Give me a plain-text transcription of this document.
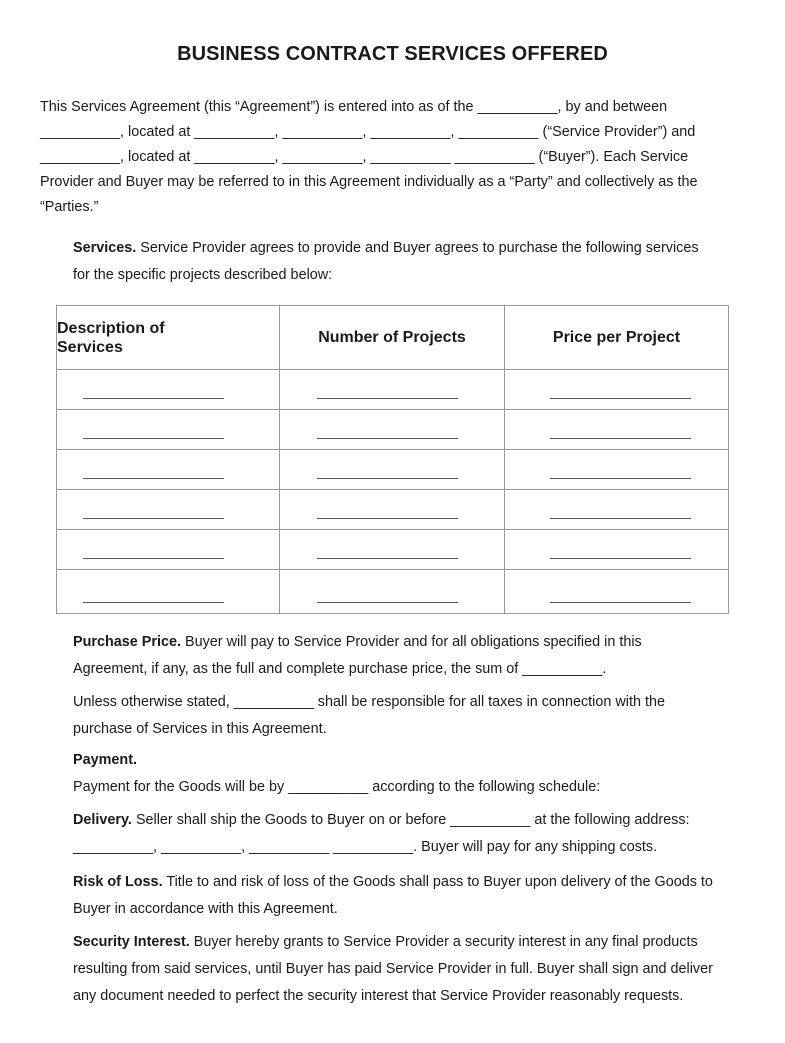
BUSINESS CONTRACT SERVICES OFFERED
This Services Agreement (this “Agreement”) is entered into as of the __________, by and between
__________, located at __________, __________, __________, __________ (“Service Provider”) and
__________, located at __________, __________, __________ __________ (“Buyer”). Each Service
Provider and Buyer may be referred to in this Agreement individually as a “Party” and collectively as the
“Parties.”
Services. Service Provider agrees to provide and Buyer agrees to purchase the following services
for the specific projects described below:
Description of
Services	Number of Projects	Price per Project

Purchase Price. Buyer will pay to Service Provider and for all obligations specified in this
Agreement, if any, as the full and complete purchase price, the sum of __________.
Unless otherwise stated, __________ shall be responsible for all taxes in connection with the
purchase of Services in this Agreement.
Payment.
Payment for the Goods will be by __________ according to the following schedule:
Delivery. Seller shall ship the Goods to Buyer on or before __________ at the following address:
__________, __________, __________ __________. Buyer will pay for any shipping costs.
Risk of Loss. Title to and risk of loss of the Goods shall pass to Buyer upon delivery of the Goods to
Buyer in accordance with this Agreement.
Security Interest. Buyer hereby grants to Service Provider a security interest in any final products
resulting from said services, until Buyer has paid Service Provider in full. Buyer shall sign and deliver
any document needed to perfect the security interest that Service Provider reasonably requests.
